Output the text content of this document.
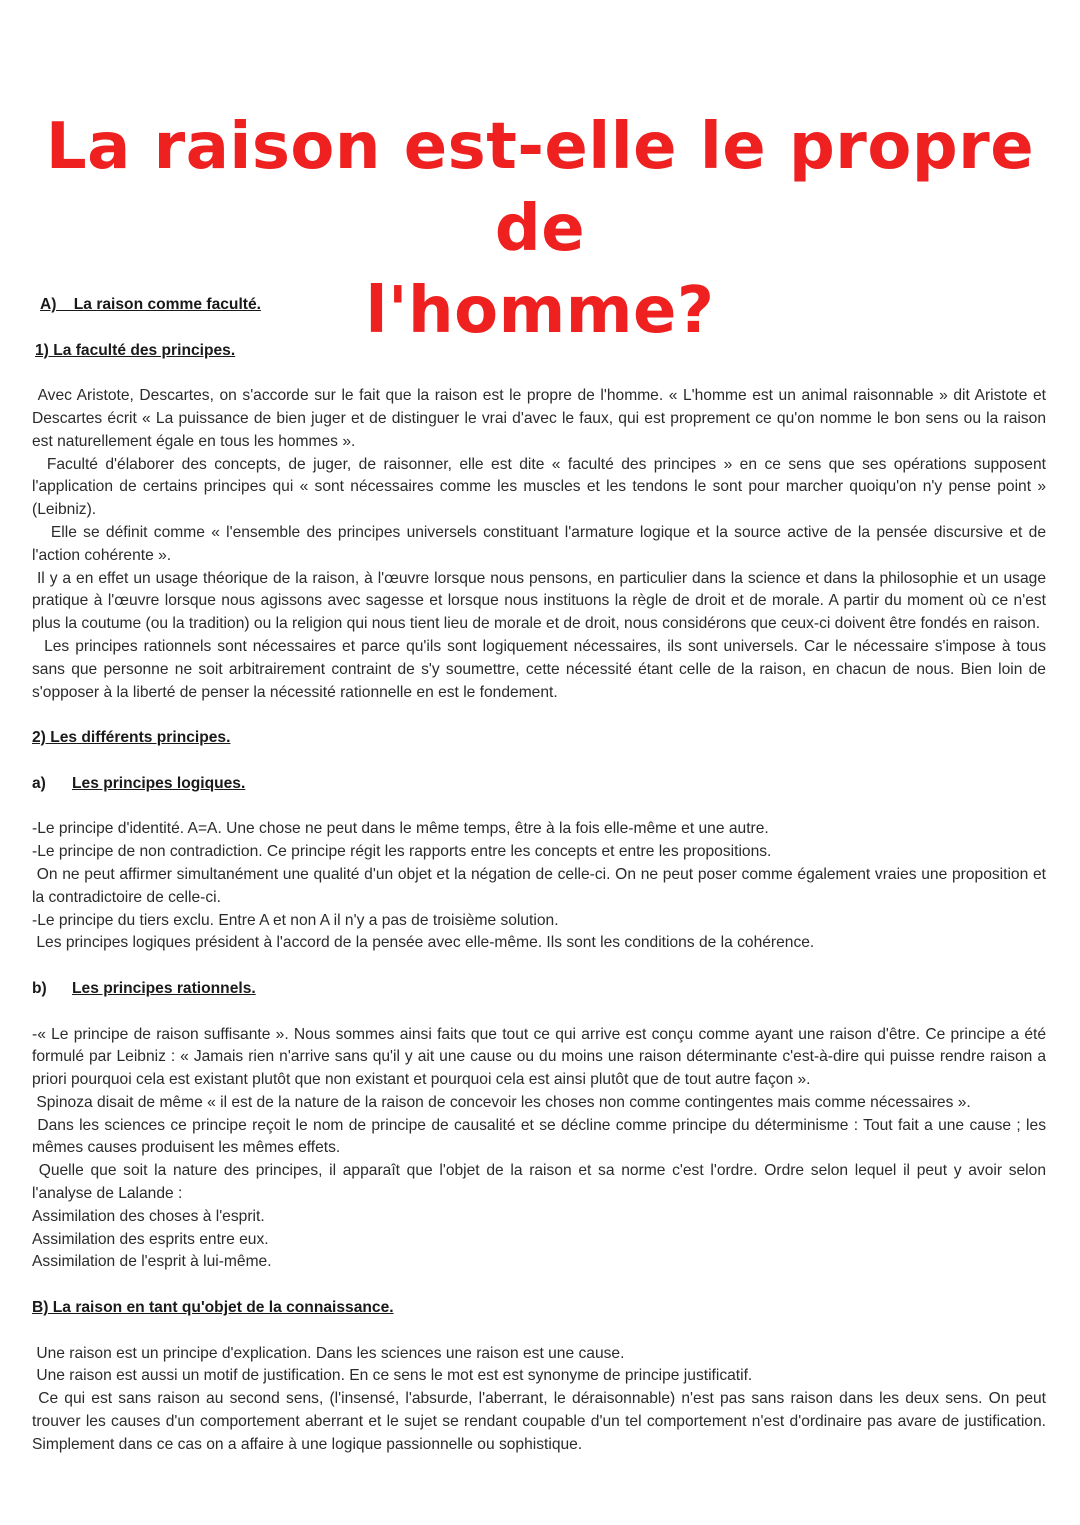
La raison est-elle le propre de
l'homme?
A)    La raison comme faculté.
1) La faculté des principes.

Avec Aristote, Descartes, on s'accorde sur le fait que la raison est le propre de l'homme. « L'homme est un animal raisonnable » dit Aristote et Descartes écrit « La puissance de bien juger et de distinguer le vrai d'avec le faux, qui est proprement ce qu'on nomme le bon sens ou la raison est naturellement égale en tous les hommes ».

Faculté d'élaborer des concepts, de juger, de raisonner, elle est dite « faculté des principes » en ce sens que ses opérations supposent l'application de certains principes qui « sont nécessaires comme les muscles et les tendons le sont pour marcher quoiqu'on n'y pense point » (Leibniz).

Elle se définit comme « l'ensemble des principes universels constituant l'armature logique et la source active de la pensée discursive et de l'action cohérente ».

Il y a en effet un usage théorique de la raison, à l'œuvre lorsque nous pensons, en particulier dans la science et dans la philosophie et un usage pratique à l'œuvre lorsque nous agissons avec sagesse et lorsque nous instituons la règle de droit et de morale. A partir du moment où ce n'est plus la coutume (ou la tradition) ou la religion qui nous tient lieu de morale et de droit, nous considérons que ceux-ci doivent être fondés en raison.

Les principes rationnels sont nécessaires et parce qu'ils sont logiquement nécessaires, ils sont universels. Car le nécessaire s'impose à tous sans que personne ne soit arbitrairement contraint de s'y soumettre, cette nécessité étant celle de la raison, en chacun de nous. Bien loin de s'opposer à la liberté de penser la nécessité rationnelle en est le fondement.

2) Les différents principes.
a) Les principes logiques.

-Le principe d'identité. A=A. Une chose ne peut dans le même temps, être à la fois elle-même et une autre.

-Le principe de non contradiction. Ce principe régit les rapports entre les concepts et entre les propositions.

On ne peut affirmer simultanément une qualité d'un objet et la négation de celle-ci. On ne peut poser comme également vraies une proposition et la contradictoire de celle-ci.

-Le principe du tiers exclu. Entre A et non A il n'y a pas de troisième solution.

Les principes logiques président à l'accord de la pensée avec elle-même. Ils sont les conditions de la cohérence.

b) Les principes rationnels.

-« Le principe de raison suffisante ». Nous sommes ainsi faits que tout ce qui arrive est conçu comme ayant une raison d'être. Ce principe a été formulé par Leibniz : « Jamais rien n'arrive sans qu'il y ait une cause ou du moins une raison déterminante c'est-à-dire qui puisse rendre raison a priori pourquoi cela est existant plutôt que non existant et pourquoi cela est ainsi plutôt que de tout autre façon ».

Spinoza disait de même « il est de la nature de la raison de concevoir les choses non comme contingentes mais comme nécessaires ».

Dans les sciences ce principe reçoit le nom de principe de causalité et se décline comme principe du déterminisme : Tout fait a une cause ; les mêmes causes produisent les mêmes effets.

Quelle que soit la nature des principes, il apparaît que l'objet de la raison et sa norme c'est l'ordre. Ordre selon lequel il peut y avoir selon l'analyse de Lalande :

Assimilation des choses à l'esprit.

Assimilation des esprits entre eux.

Assimilation de l'esprit à lui-même.

B) La raison en tant qu'objet de la connaissance.

Une raison est un principe d'explication. Dans les sciences une raison est une cause.

Une raison est aussi un motif de justification. En ce sens le mot est est synonyme de principe justificatif.

Ce qui est sans raison au second sens, (l'insensé, l'absurde, l'aberrant, le déraisonnable) n'est pas sans raison dans les deux sens. On peut trouver les causes d'un comportement aberrant et le sujet se rendant coupable d'un tel comportement n'est d'ordinaire pas avare de justification. Simplement dans ce cas on a affaire à une logique passionnelle ou sophistique.
